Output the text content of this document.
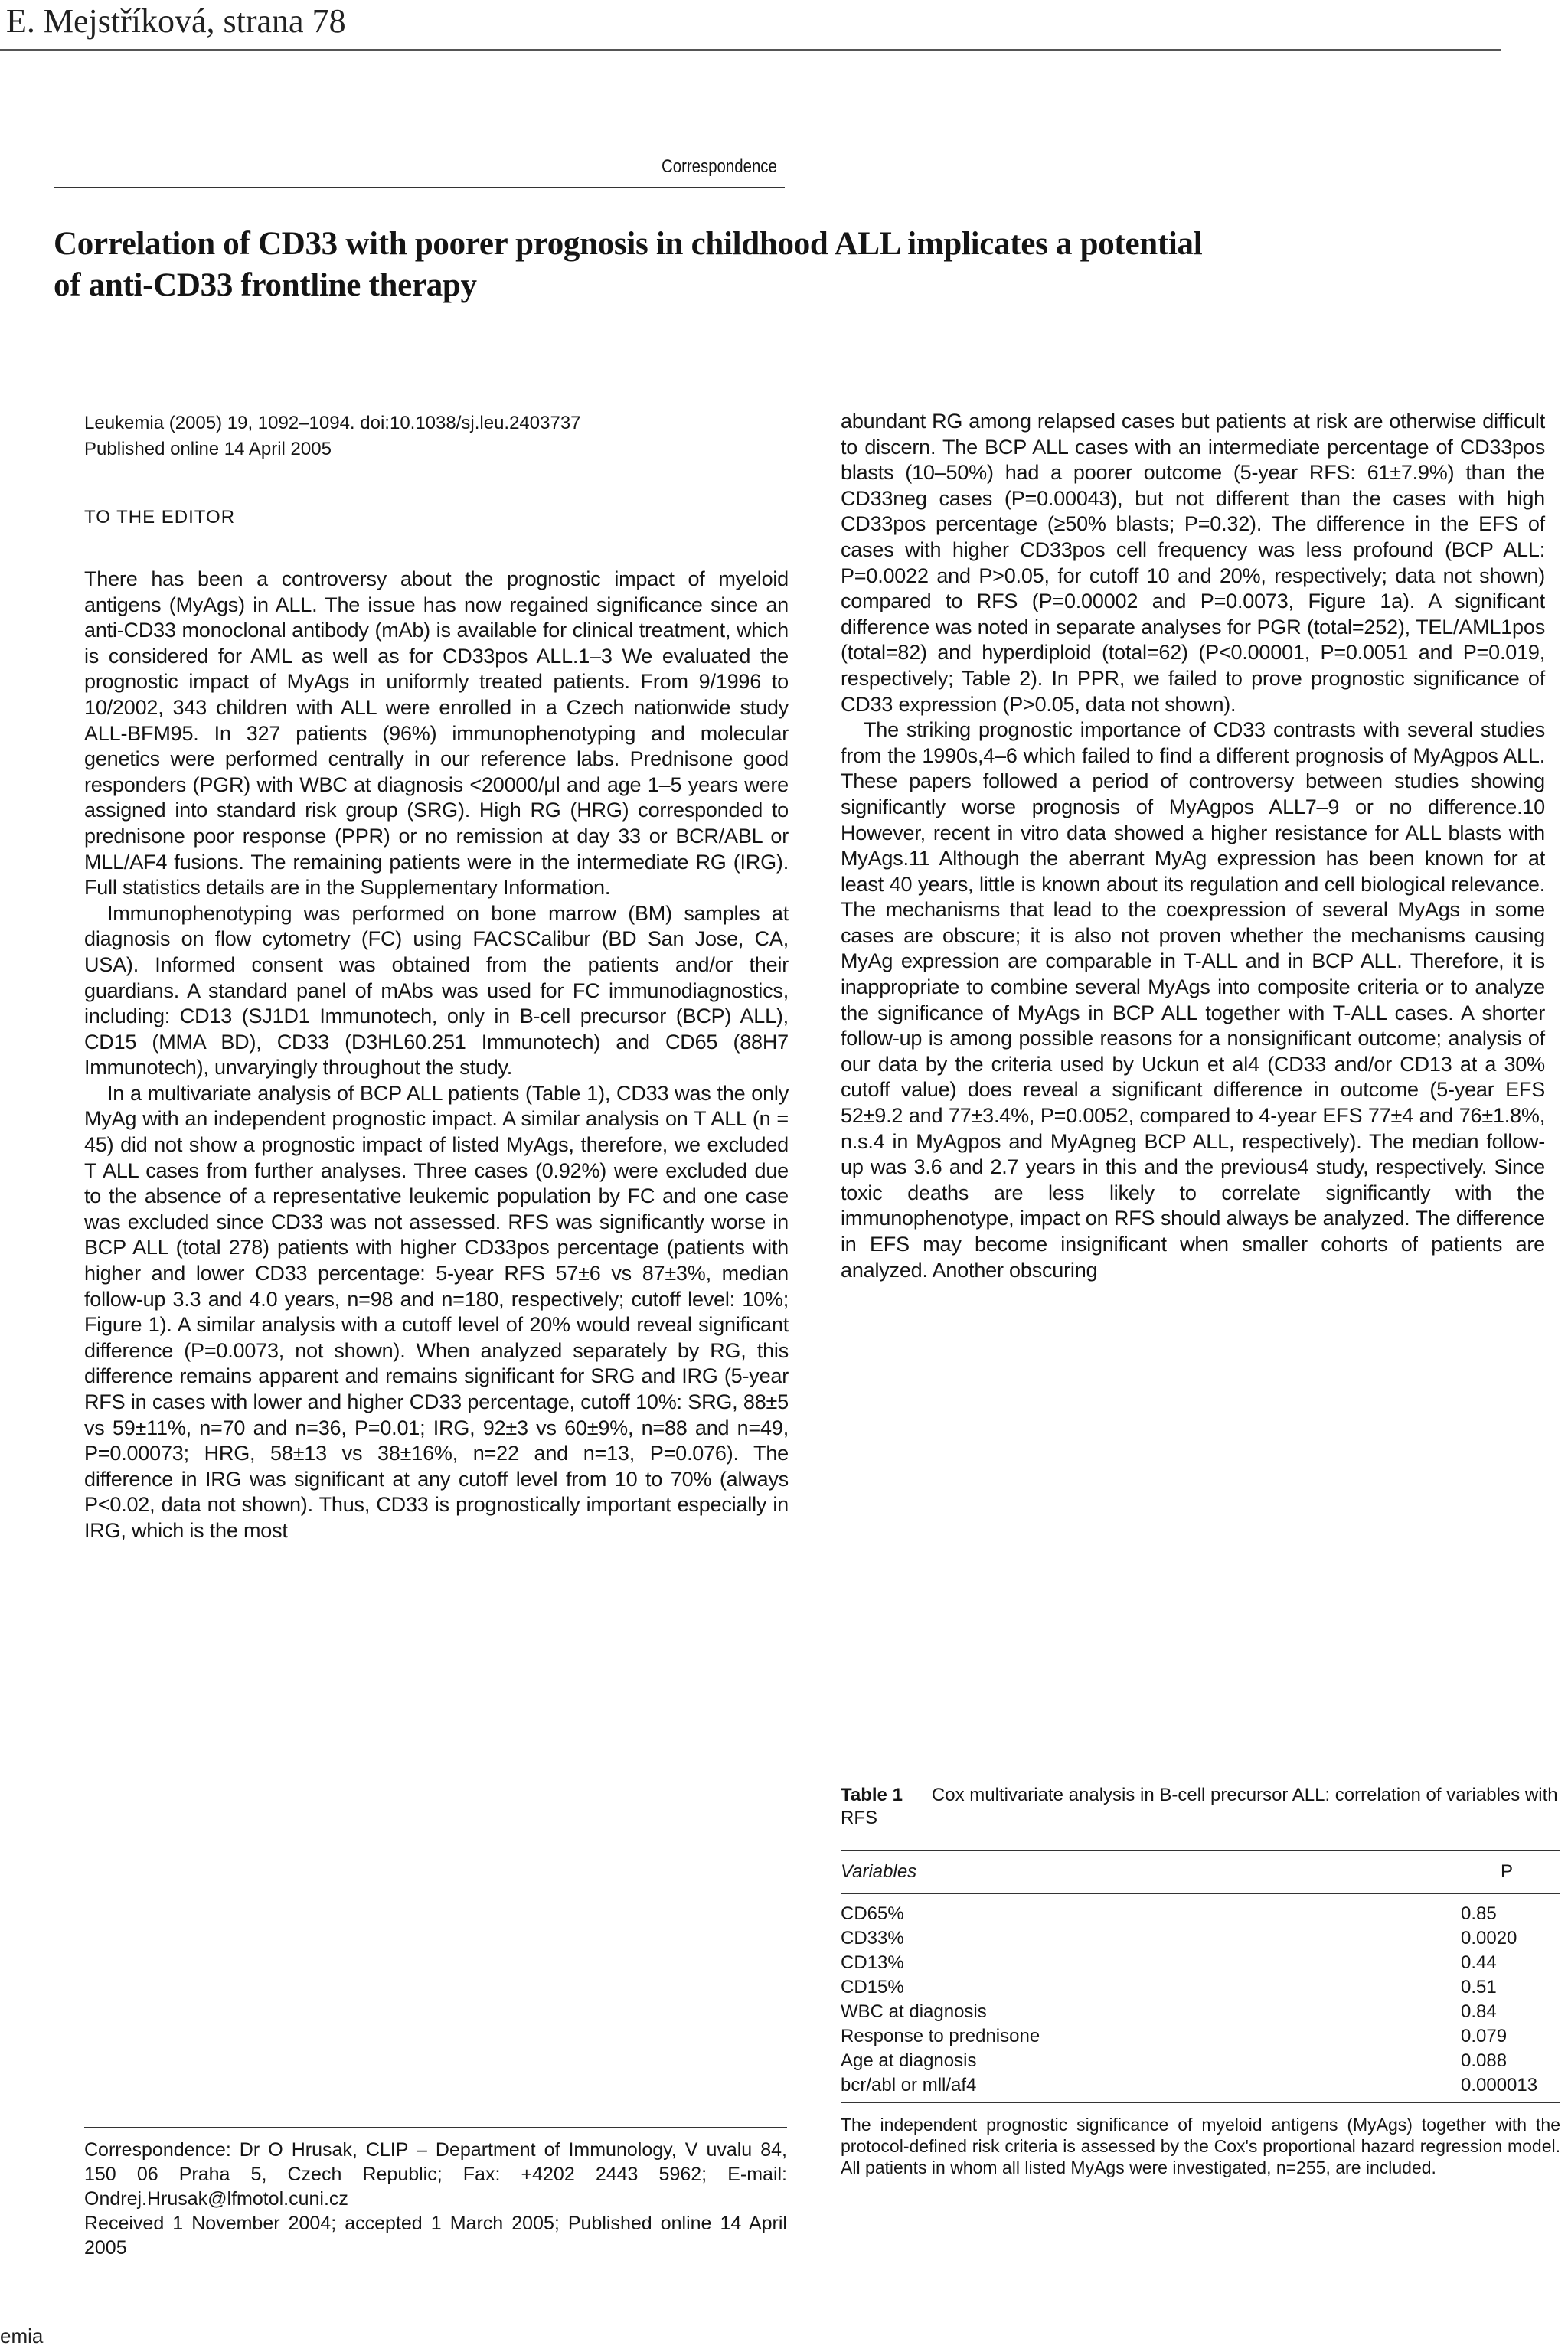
E. Mejstříková, strana 78
Correspondence
Correlation of CD33 with poorer prognosis in childhood ALL implicates a potential
of anti-CD33 frontline therapy
Leukemia (2005) 19, 1092–1094. doi:10.1038/sj.leu.2403737
Published online 14 April 2005
TO THE EDITOR

There has been a controversy about the prognostic impact of myeloid antigens (MyAgs) in ALL. The issue has now regained significance since an anti-CD33 monoclonal antibody (mAb) is available for clinical treatment, which is considered for AML as well as for CD33pos ALL.1–3 We evaluated the prognostic impact of MyAgs in uniformly treated patients. From 9/1996 to 10/2002, 343 children with ALL were enrolled in a Czech nationwide study ALL-BFM95. In 327 patients (96%) immunophenotyping and molecular genetics were performed centrally in our reference labs. Prednisone good responders (PGR) with WBC at diagnosis <20000/μl and age 1–5 years were assigned into standard risk group (SRG). High RG (HRG) corresponded to prednisone poor response (PPR) or no remission at day 33 or BCR/ABL or MLL/AF4 fusions. The remaining patients were in the intermediate RG (IRG). Full statistics details are in the Supplementary Information.

Immunophenotyping was performed on bone marrow (BM) samples at diagnosis on flow cytometry (FC) using FACSCalibur (BD San Jose, CA, USA). Informed consent was obtained from the patients and/or their guardians. A standard panel of mAbs was used for FC immunodiagnostics, including: CD13 (SJ1D1 Immunotech, only in B-cell precursor (BCP) ALL), CD15 (MMA BD), CD33 (D3HL60.251 Immunotech) and CD65 (88H7 Immunotech), unvaryingly throughout the study.

In a multivariate analysis of BCP ALL patients (Table 1), CD33 was the only MyAg with an independent prognostic impact. A similar analysis on T ALL (n = 45) did not show a prognostic impact of listed MyAgs, therefore, we excluded T ALL cases from further analyses. Three cases (0.92%) were excluded due to the absence of a representative leukemic population by FC and one case was excluded since CD33 was not assessed. RFS was significantly worse in BCP ALL (total 278) patients with higher CD33pos percentage (patients with higher and lower CD33 percentage: 5-year RFS 57±6 vs 87±3%, median follow-up 3.3 and 4.0 years, n=98 and n=180, respectively; cutoff level: 10%; Figure 1). A similar analysis with a cutoff level of 20% would reveal significant difference (P=0.0073, not shown). When analyzed separately by RG, this difference remains apparent and remains significant for SRG and IRG (5-year RFS in cases with lower and higher CD33 percentage, cutoff 10%: SRG, 88±5 vs 59±11%, n=70 and n=36, P=0.01; IRG, 92±3 vs 60±9%, n=88 and n=49, P=0.00073; HRG, 58±13 vs 38±16%, n=22 and n=13, P=0.076). The difference in IRG was significant at any cutoff level from 10 to 70% (always P<0.02, data not shown). Thus, CD33 is prognostically important especially in IRG, which is the most

abundant RG among relapsed cases but patients at risk are otherwise difficult to discern. The BCP ALL cases with an intermediate percentage of CD33pos blasts (10–50%) had a poorer outcome (5-year RFS: 61±7.9%) than the CD33neg cases (P=0.00043), but not different than the cases with high CD33pos percentage (≥50% blasts; P=0.32). The difference in the EFS of cases with higher CD33pos cell frequency was less profound (BCP ALL: P=0.0022 and P>0.05, for cutoff 10 and 20%, respectively; data not shown) compared to RFS (P=0.00002 and P=0.0073, Figure 1a). A significant difference was noted in separate analyses for PGR (total=252), TEL/AML1pos (total=82) and hyperdiploid (total=62) (P<0.00001, P=0.0051 and P=0.019, respectively; Table 2). In PPR, we failed to prove prognostic significance of CD33 expression (P>0.05, data not shown).

The striking prognostic importance of CD33 contrasts with several studies from the 1990s,4–6 which failed to find a different prognosis of MyAgpos ALL. These papers followed a period of controversy between studies showing significantly worse prognosis of MyAgpos ALL7–9 or no difference.10 However, recent in vitro data showed a higher resistance for ALL blasts with MyAgs.11 Although the aberrant MyAg expression has been known for at least 40 years, little is known about its regulation and cell biological relevance. The mechanisms that lead to the coexpression of several MyAgs in some cases are obscure; it is also not proven whether the mechanisms causing MyAg expression are comparable in T-ALL and in BCP ALL. Therefore, it is inappropriate to combine several MyAgs into composite criteria or to analyze the significance of MyAgs in BCP ALL together with T-ALL cases. A shorter follow-up is among possible reasons for a nonsignificant outcome; analysis of our data by the criteria used by Uckun et al4 (CD33 and/or CD13 at a 30% cutoff value) does reveal a significant difference in outcome (5-year EFS 52±9.2 and 77±3.4%, P=0.0052, compared to 4-year EFS 77±4 and 76±1.8%, n.s.4 in MyAgpos and MyAgneg BCP ALL, respectively). The median follow-up was 3.6 and 2.7 years in this and the previous4 study, respectively. Since toxic deaths are less likely to correlate significantly with the immunophenotype, impact on RFS should always be analyzed. The difference in EFS may become insignificant when smaller cohorts of patients are analyzed. Another obscuring

Correspondence: Dr O Hrusak, CLIP – Department of Immunology, V uvalu 84, 150 06 Praha 5, Czech Republic; Fax: +4202 2443 5962; E-mail: Ondrej.Hrusak@lfmotol.cuni.cz
Received 1 November 2004; accepted 1 March 2005; Published online 14 April 2005
Table 1 Cox multivariate analysis in B-cell precursor ALL: correlation of variables with RFS
Variables	P
CD65%	0.85
CD33%	0.0020
CD13%	0.44
CD15%	0.51
WBC at diagnosis	0.84
Response to prednisone	0.079
Age at diagnosis	0.088
bcr/abl or mll/af4	0.000013
The independent prognostic significance of myeloid antigens (MyAgs) together with the protocol-defined risk criteria is assessed by the Cox's proportional hazard regression model. All patients in whom all listed MyAgs were investigated, n=255, are included.
emia
